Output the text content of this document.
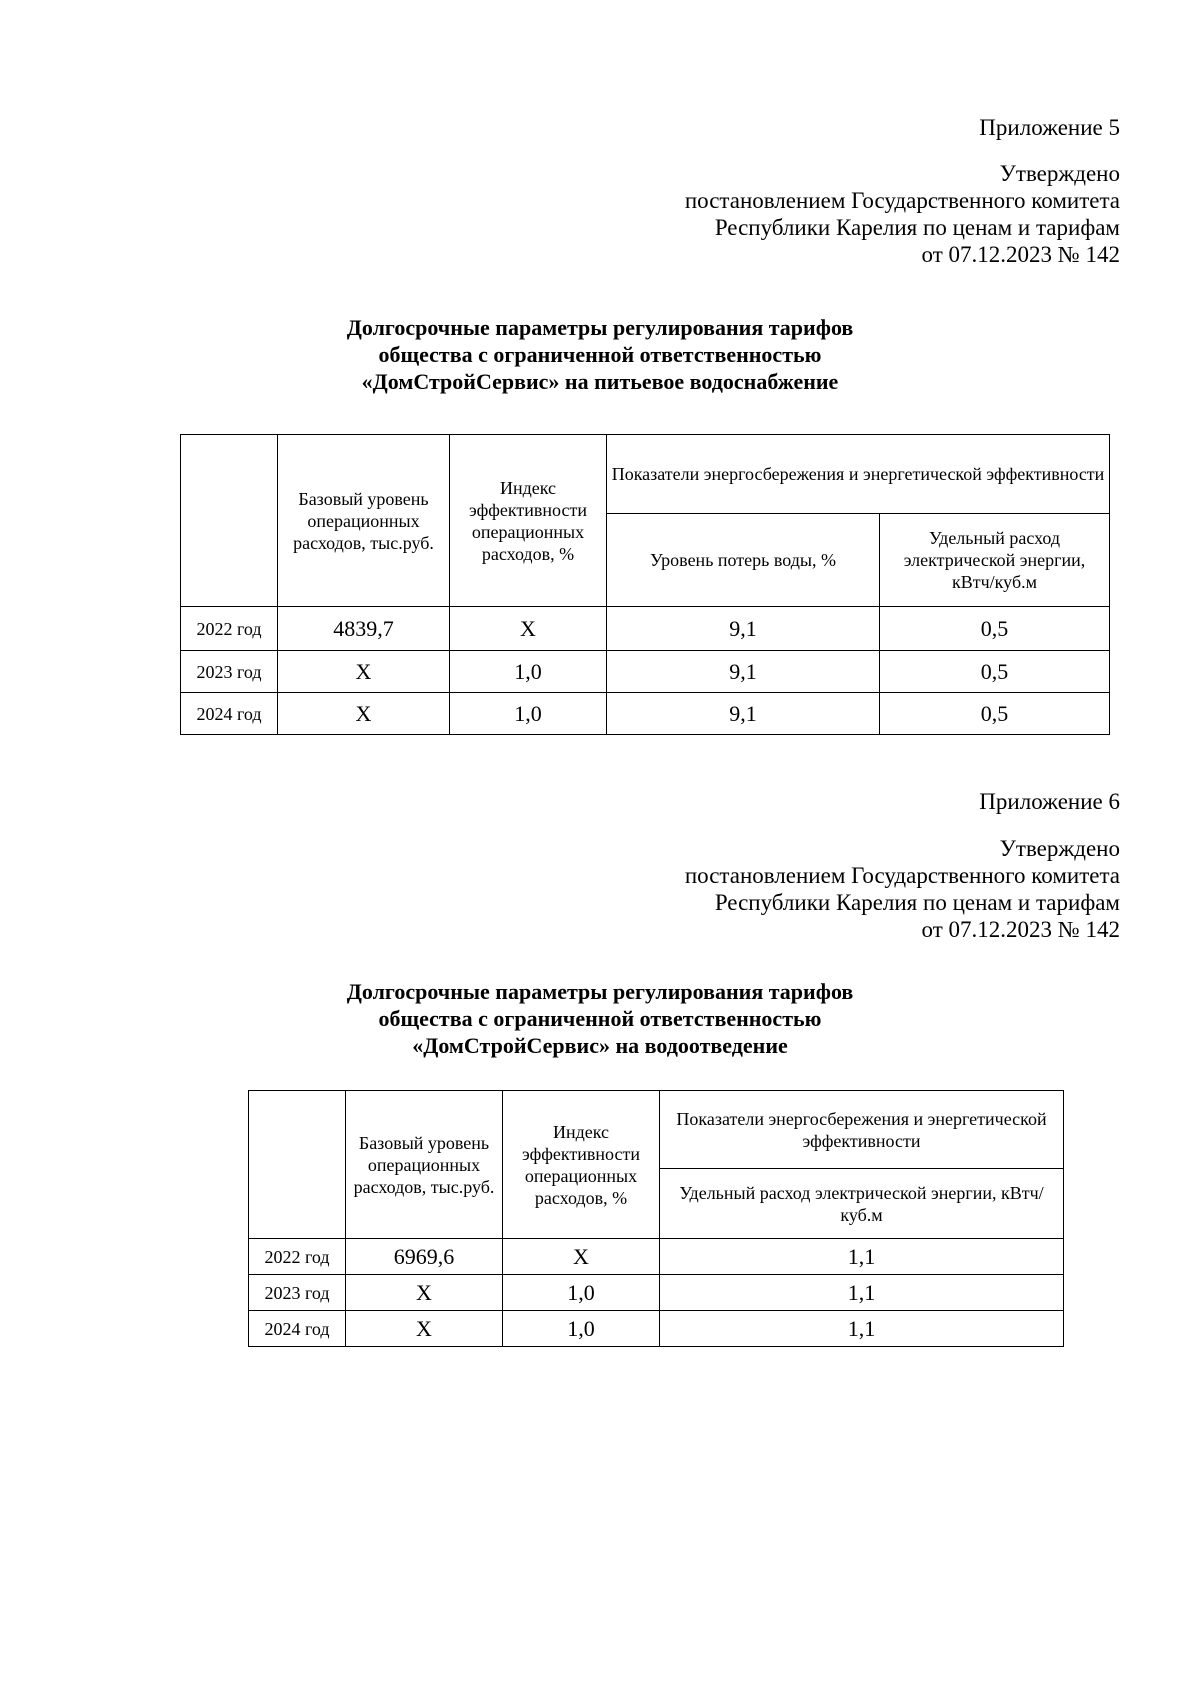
Приложение 5
Утверждено
постановлением Государственного комитета
Республики Карелия по ценам и тарифам
от 07.12.2023 № 142
Долгосрочные параметры регулирования тарифов
общества с ограниченной ответственностью
«ДомСтройСервис» на питьевое водоснабжение
	Базовый уровень операционных расходов, тыс.руб.	Индекс эффективности операционных расходов, %	Показатели энергосбережения и энергетической эффективности	
			Уровень потерь воды, %	Удельный расход электрической энергии, кВтч/куб.м
2022 год	4839,7	X	9,1	0,5
2023 год	X	1,0	9,1	0,5
2024 год	X	1,0	9,1	0,5
Приложение 6
Утверждено
постановлением Государственного комитета
Республики Карелия по ценам и тарифам
от 07.12.2023 № 142
Долгосрочные параметры регулирования тарифов
общества с ограниченной ответственностью
«ДомСтройСервис» на водоотведение
	Базовый уровень операционных расходов, тыс.руб.	Индекс эффективности операционных расходов, %	Показатели энергосбережения и энергетической эффективности
			Удельный расход электрической энергии, кВтч/куб.м
2022 год	6969,6	X	1,1
2023 год	X	1,0	1,1
2024 год	X	1,0	1,1
